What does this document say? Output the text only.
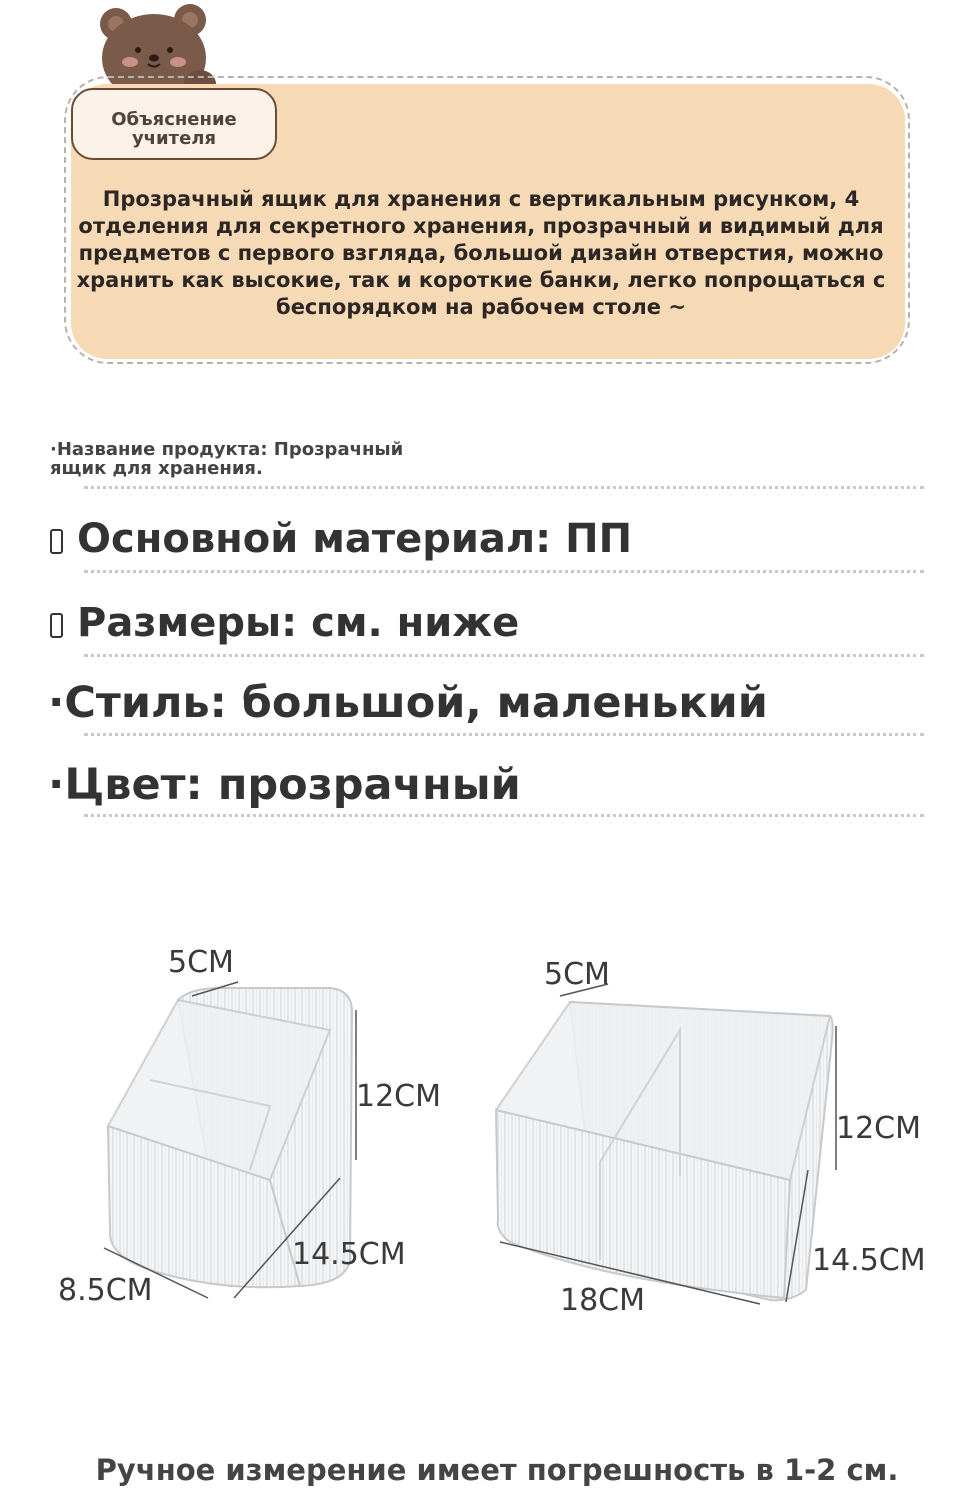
Объяснение учителя
Прозрачный ящик для хранения с вертикальным рисунком, 4 отделения для секретного хранения, прозрачный и видимый для предметов с первого взгляда, большой дизайн отверстия, можно хранить как высокие, так и короткие банки, легко попрощаться с беспорядком на рабочем столе ~
·Название продукта: Прозрачный ящик для хранения.
Основной материал: ПП
Размеры: см. ниже
·Стиль: большой, маленький
·Цвет: прозрачный
5CM
12CM
14.5CM
8.5CM
5CM
12CM
14.5CM
18CM
Ручное измерение имеет погрешность в 1-2 см.
